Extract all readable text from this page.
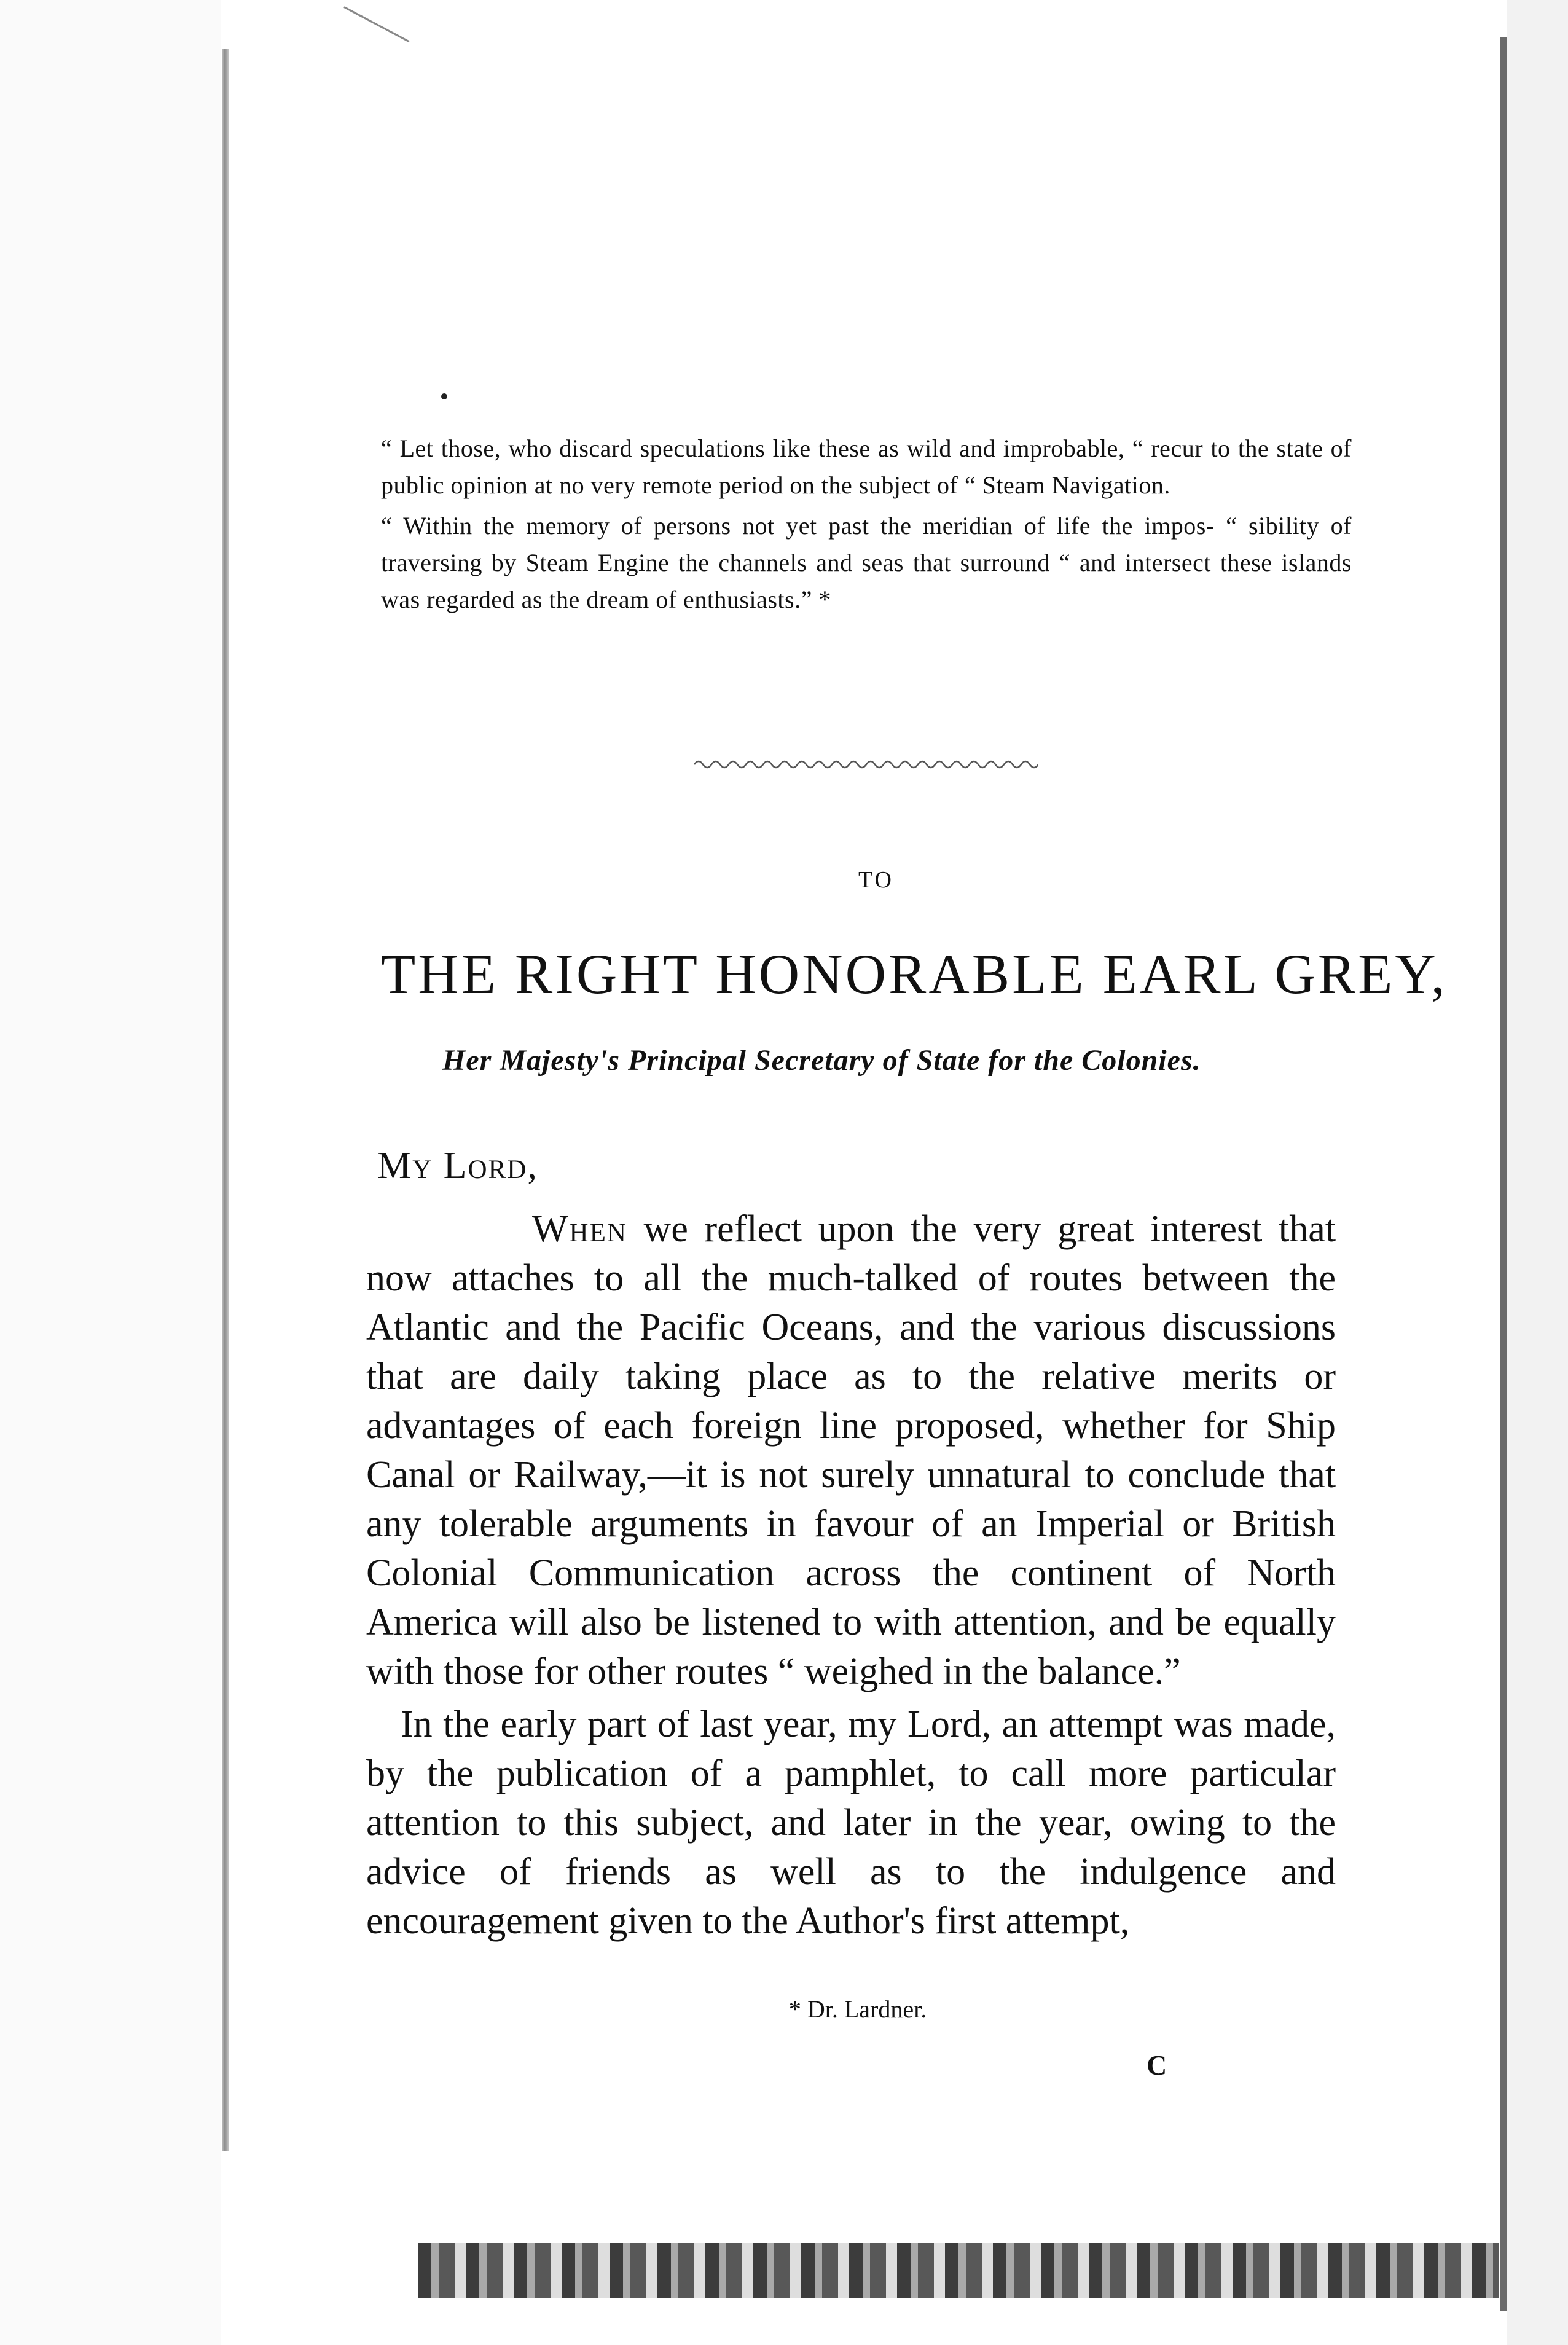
“ Let those, who discard speculations like these as wild and improbable, “ recur to the state of public opinion at no very remote period on the subject of “ Steam Navigation.

“ Within the memory of persons not yet past the meridian of life the impos- “ sibility of traversing by Steam Engine the channels and seas that surround “ and intersect these islands was regarded as the dream of enthusiasts.” *

TO
THE RIGHT HONORABLE EARL GREY,
Her Majesty's Principal Secretary of State for the Colonies.
My Lord,

When we reflect upon the very great interest that now attaches to all the much-talked of routes between the Atlantic and the Pacific Oceans, and the various discussions that are daily taking place as to the relative merits or advantages of each foreign line proposed, whether for Ship Canal or Railway,—it is not surely unnatural to conclude that any tolerable arguments in favour of an Imperial or British Colonial Communication across the continent of North America will also be listened to with attention, and be equally with those for other routes “ weighed in the balance.”

In the early part of last year, my Lord, an attempt was made, by the publication of a pamphlet, to call more particular attention to this subject, and later in the year, owing to the advice of friends as well as to the indulgence and encouragement given to the Author's first attempt,

* Dr. Lardner.
C
